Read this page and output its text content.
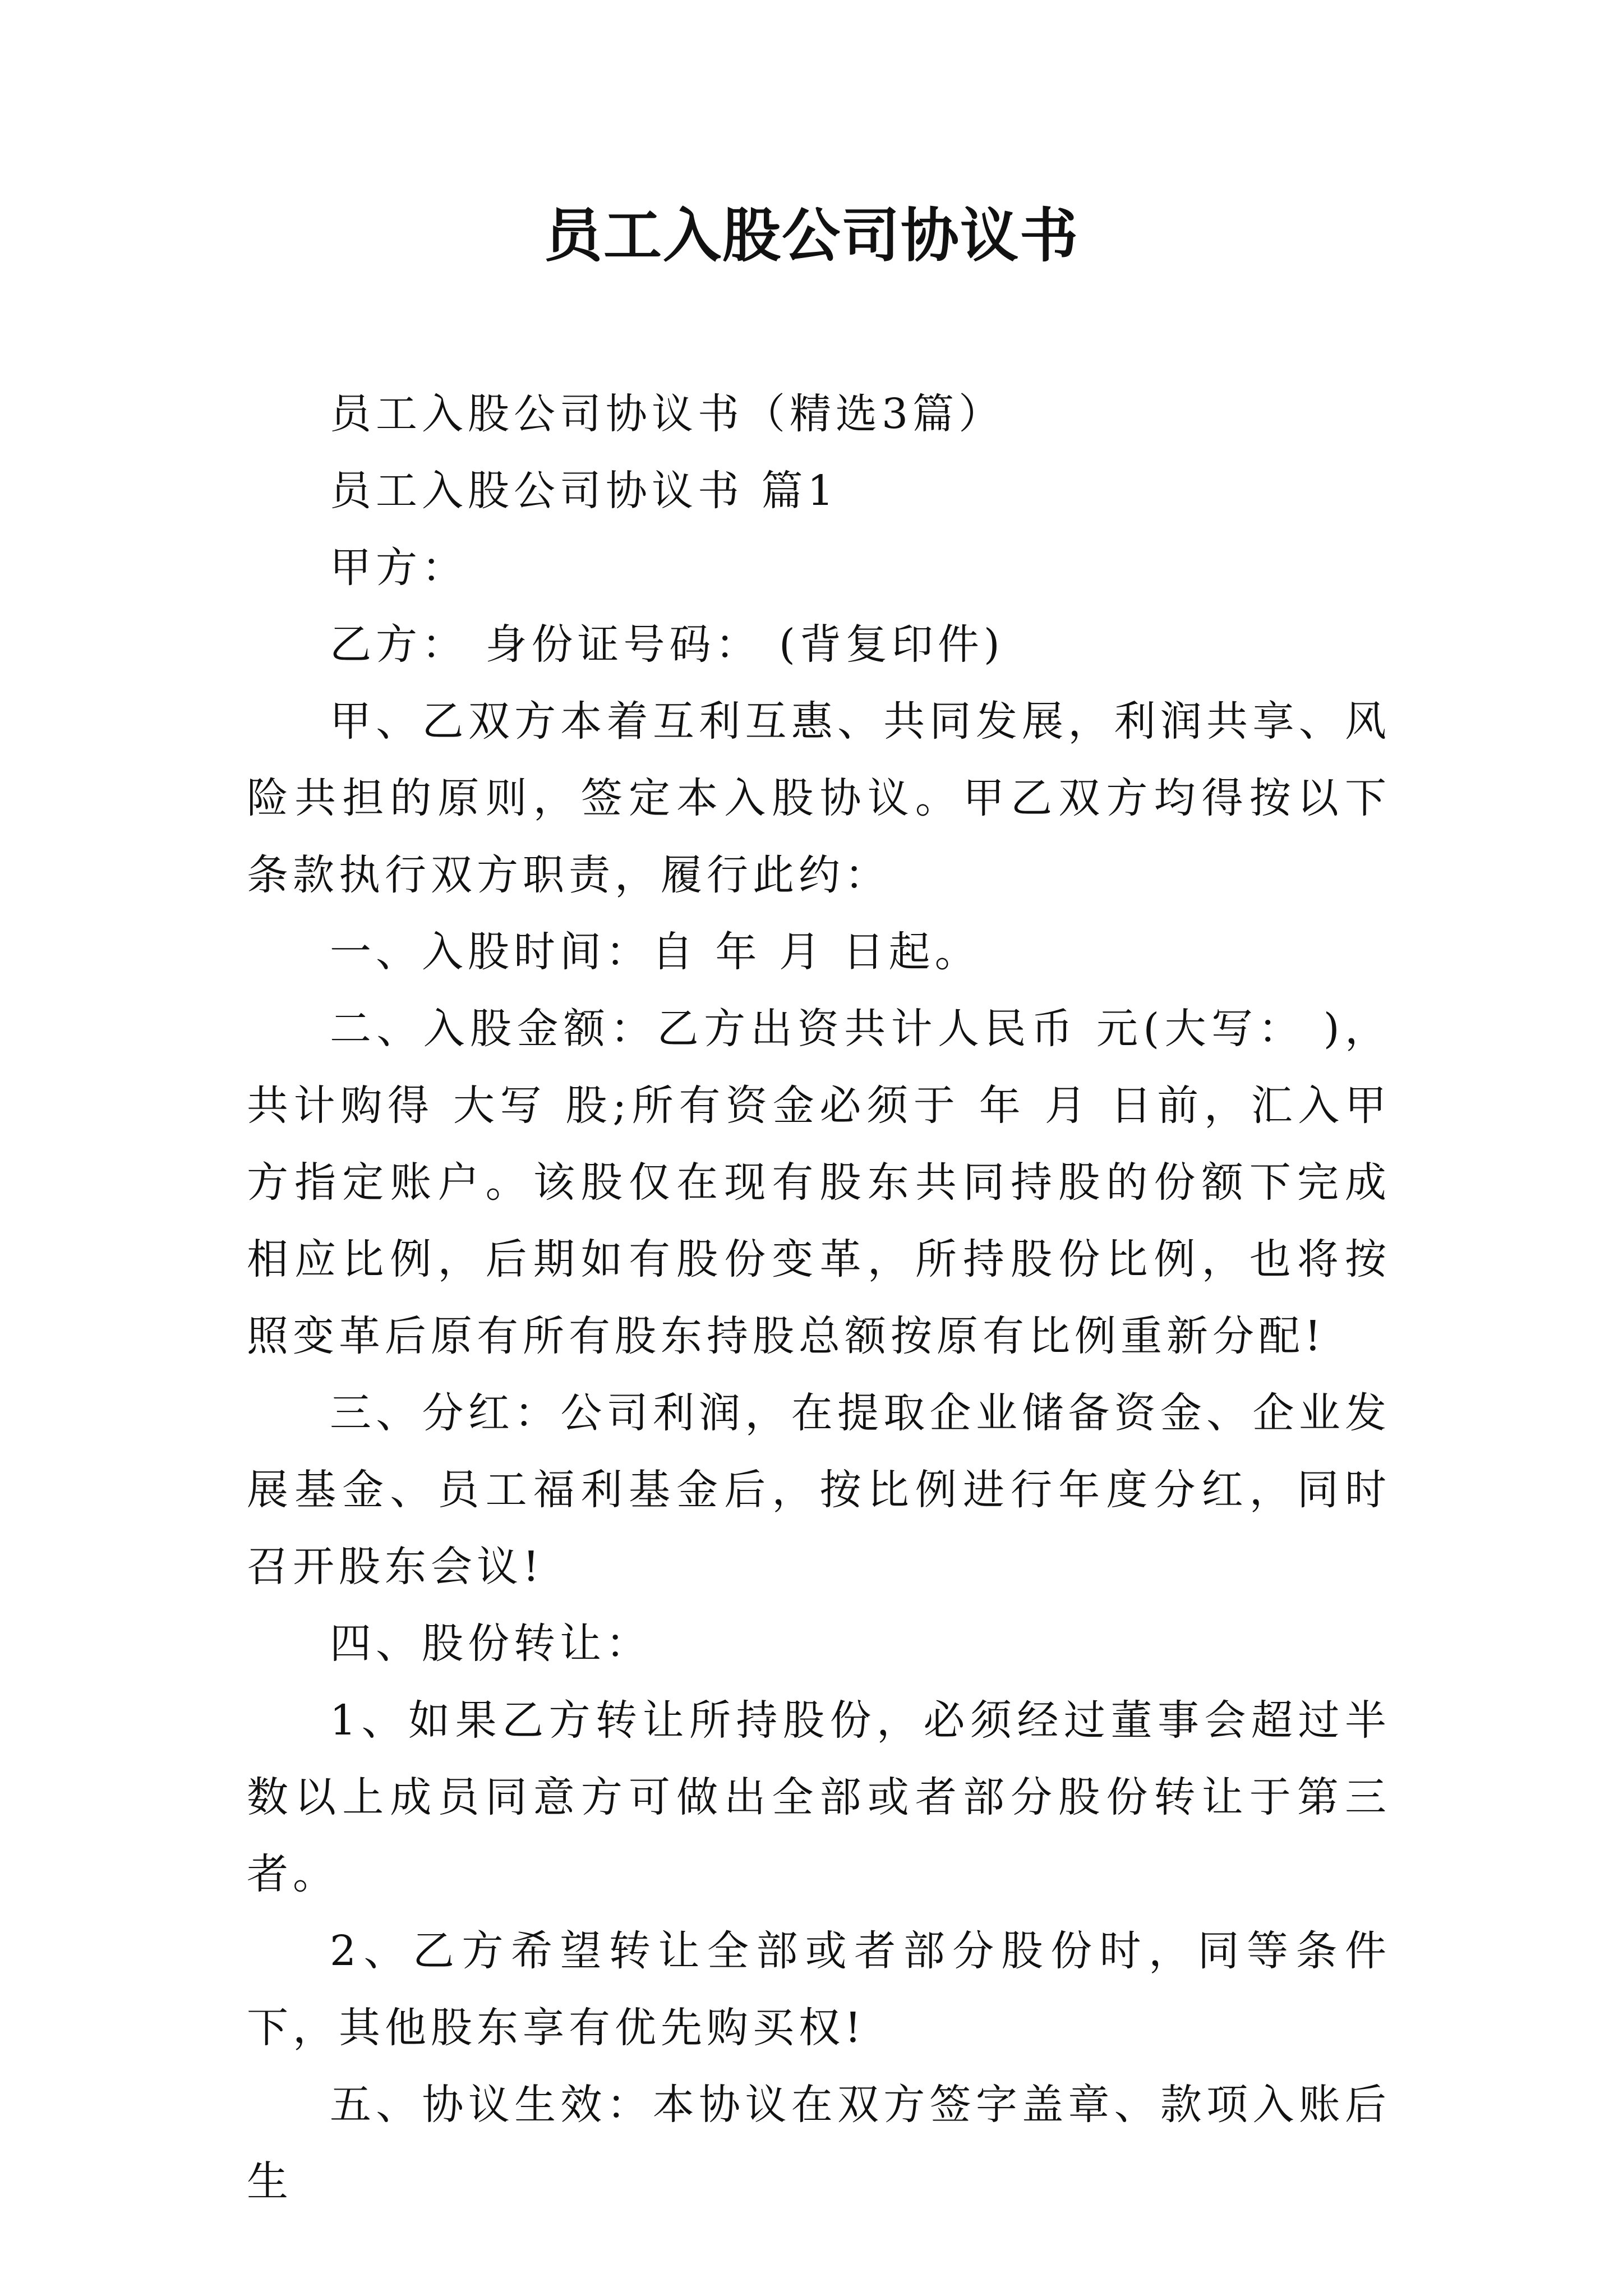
员工入股公司协议书

员工入股公司协议书（精选3篇）

员工入股公司协议书 篇1

甲方：

乙方： 身份证号码： (背复印件)

甲、乙双方本着互利互惠、共同发展，利润共享、风险共担的原则，签定本入股协议。甲乙双方均得按以下条款执行双方职责，履行此约：

一、入股时间：自 年 月 日起。

二、入股金额：乙方出资共计人民币 元(大写： )，共计购得 大写 股;所有资金必须于 年 月 日前，汇入甲方指定账户。该股仅在现有股东共同持股的份额下完成相应比例，后期如有股份变革，所持股份比例，也将按照变革后原有所有股东持股总额按原有比例重新分配!

三、分红：公司利润，在提取企业储备资金、企业发展基金、员工福利基金后，按比例进行年度分红，同时召开股东会议!

四、股份转让：

1、如果乙方转让所持股份，必须经过董事会超过半数以上成员同意方可做出全部或者部分股份转让于第三者。

2、乙方希望转让全部或者部分股份时，同等条件下，其他股东享有优先购买权!

五、协议生效：本协议在双方签字盖章、款项入账后生
